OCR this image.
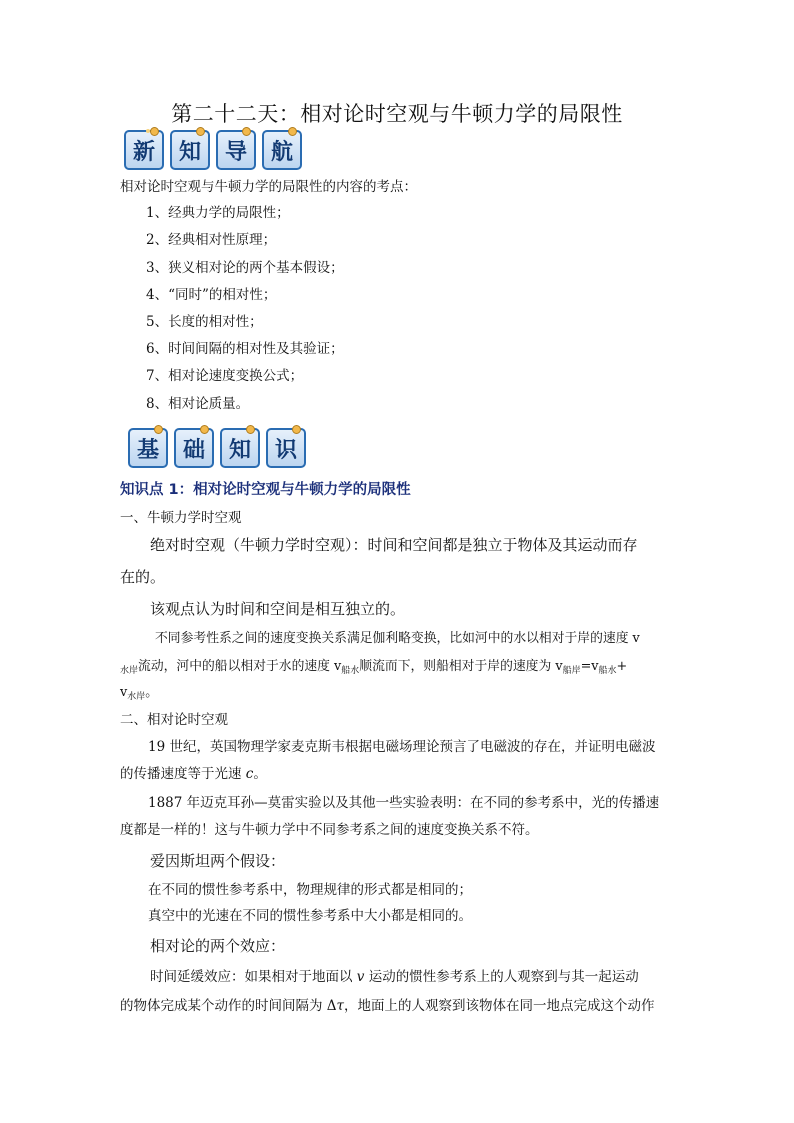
第二十二天：相对论时空观与牛顿力学的局限性
新 知 导 航
相对论时空观与牛顿力学的局限性的内容的考点：
1、经典力学的局限性；
2、经典相对性原理；
3、狭义相对论的两个基本假设；
4、“同时”的相对性；
5、长度的相对性；
6、时间间隔的相对性及其验证；
7、相对论速度变换公式；
8、相对论质量。
基 础 知 识
知识点 1：相对论时空观与牛顿力学的局限性
一、牛顿力学时空观
绝对时空观（牛顿力学时空观）：时间和空间都是独立于物体及其运动而存
在的。
该观点认为时间和空间是相互独立的。
不同参考性系之间的速度变换关系满足伽利略变换，比如河中的水以相对于岸的速度 v
$_{水岸}$流动，河中的船以相对于水的速度 $v_{船水}$顺流而下，则船相对于岸的速度为 $v_{船岸}=v_{船水}+$
$v_{水岸}$。
二、相对论时空观
19 世纪，英国物理学家麦克斯韦根据电磁场理论预言了电磁波的存在，并证明电磁波
的传播速度等于光速 c。
1887 年迈克耳孙—莫雷实验以及其他一些实验表明：在不同的参考系中，光的传播速
度都是一样的！这与牛顿力学中不同参考系之间的速度变换关系不符。
爱因斯坦两个假设：
在不同的惯性参考系中，物理规律的形式都是相同的；
真空中的光速在不同的惯性参考系中大小都是相同的。
相对论的两个效应：
时间延缓效应：如果相对于地面以 v 运动的惯性参考系上的人观察到与其一起运动
的物体完成某个动作的时间间隔为 Δτ，地面上的人观察到该物体在同一地点完成这个动作
